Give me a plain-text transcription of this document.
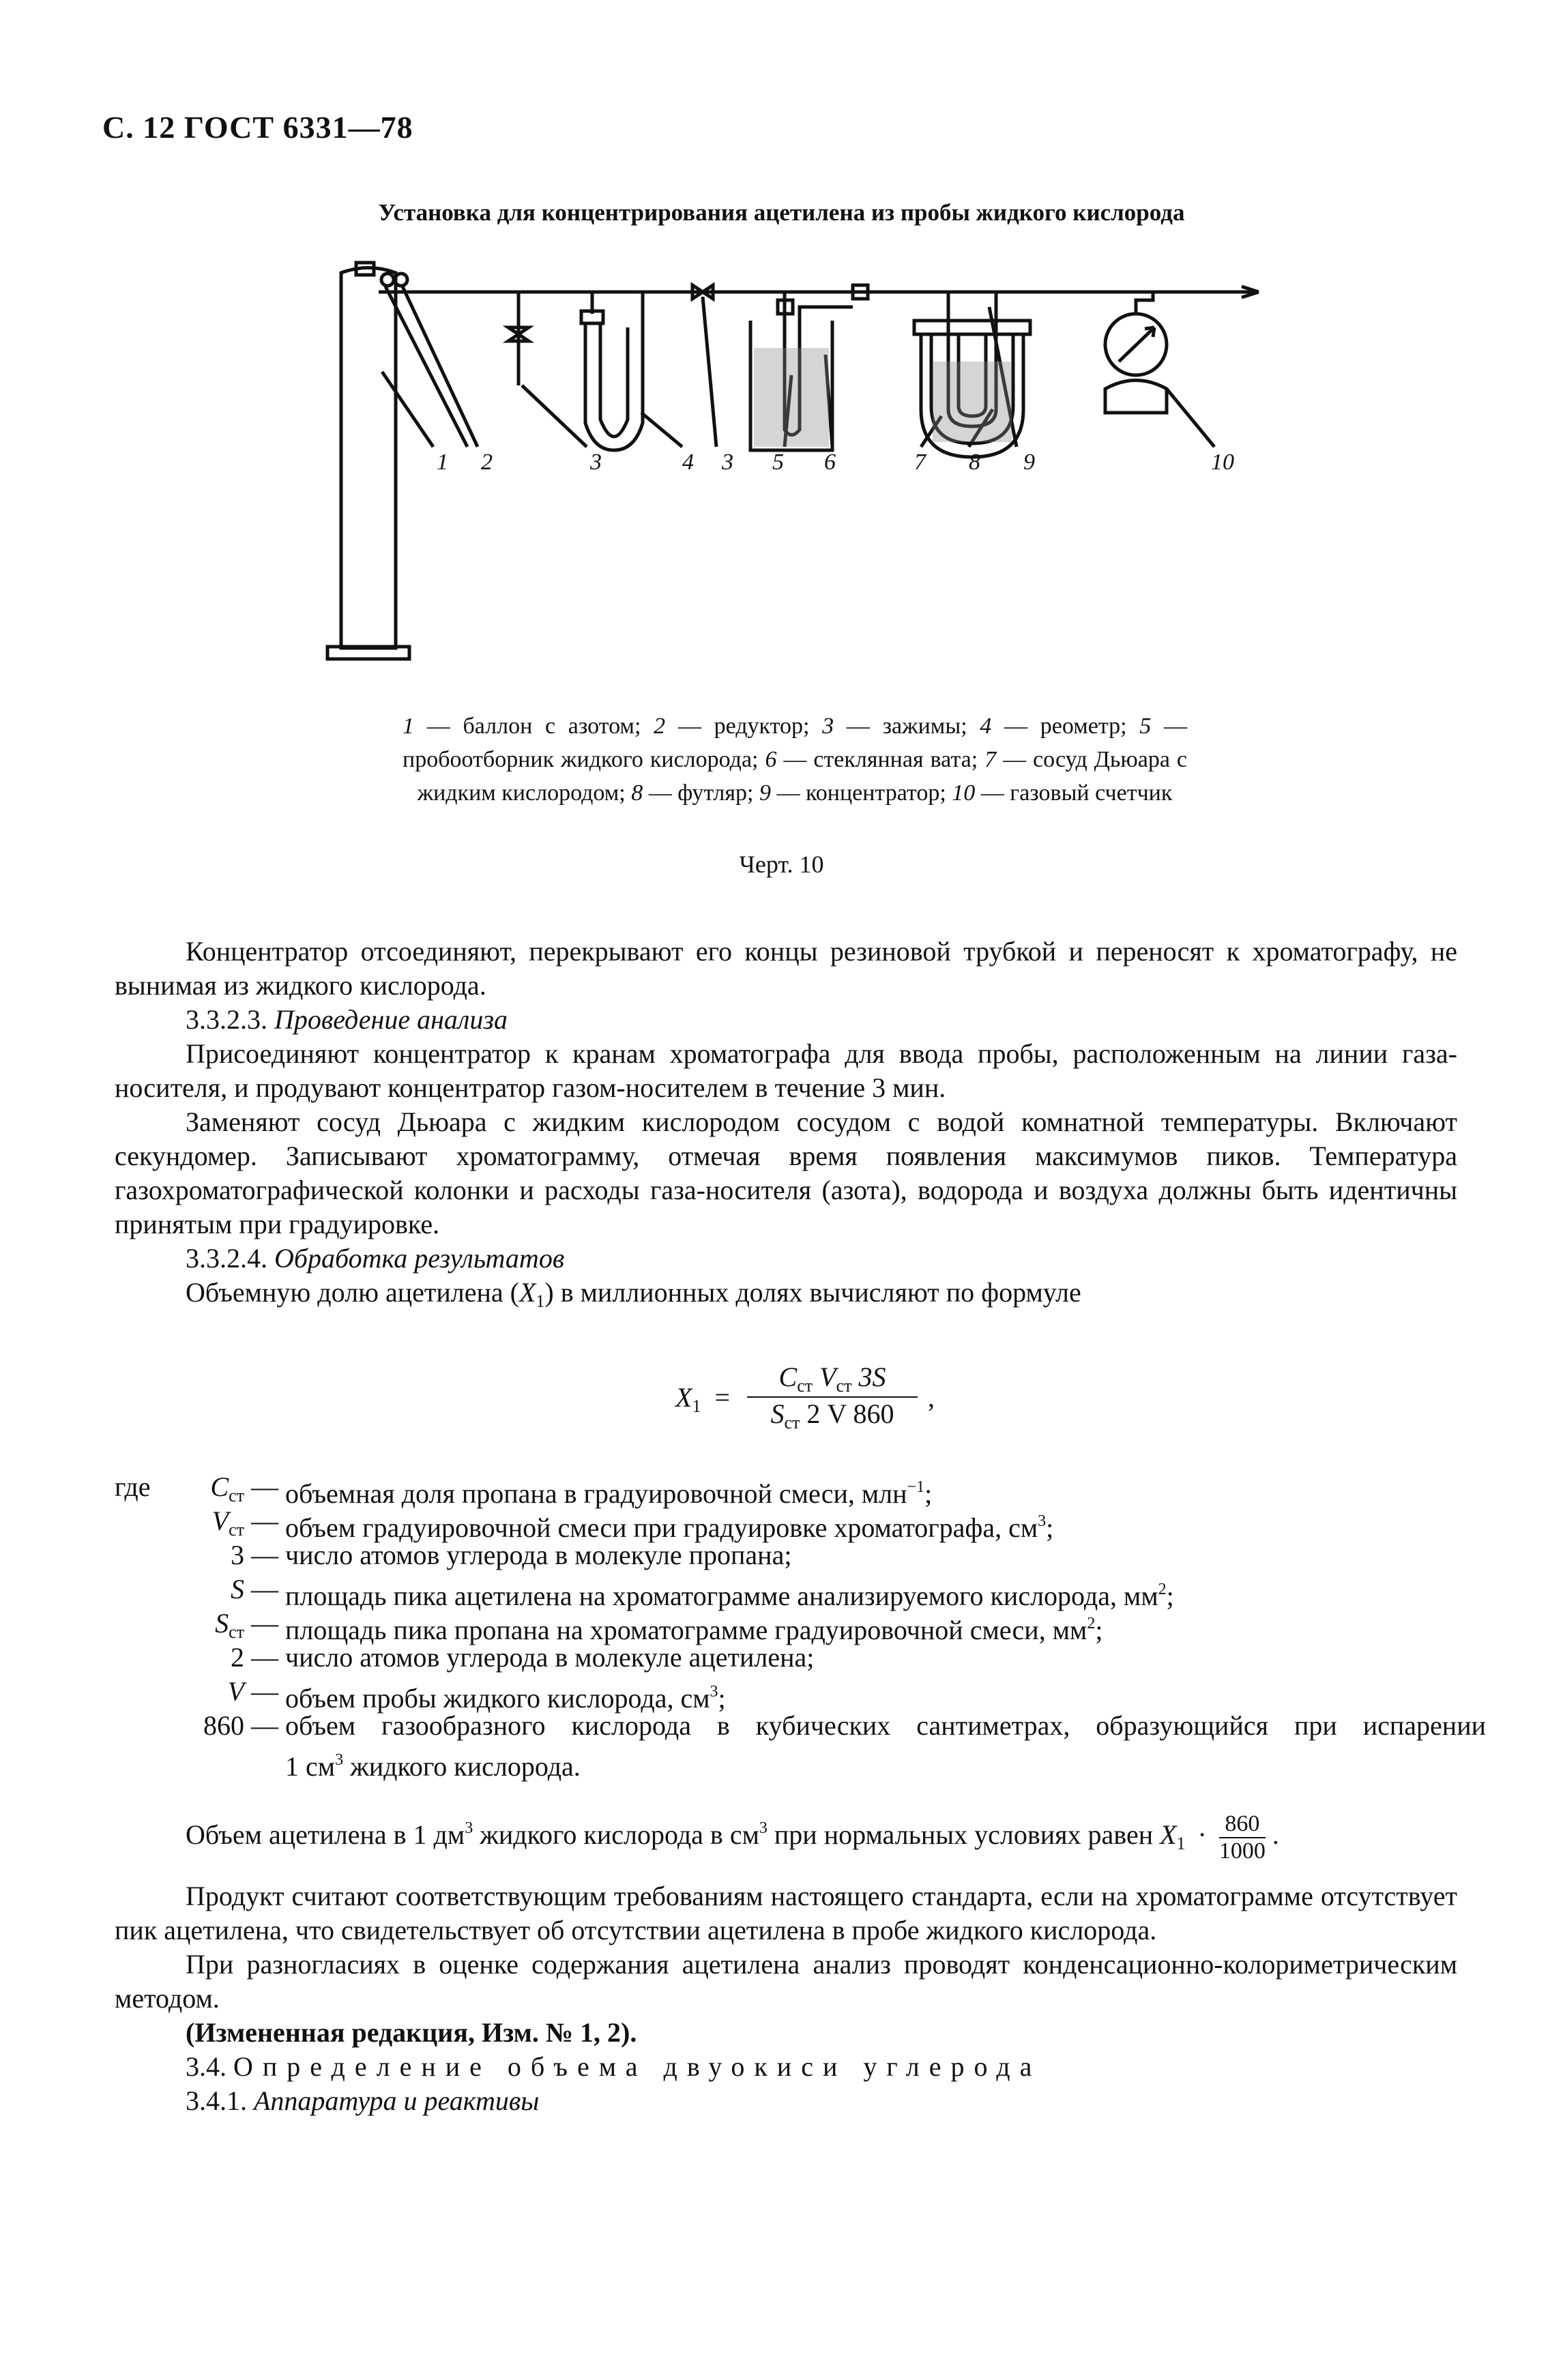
С. 12 ГОСТ 6331—78
Установка для концентрирования ацетилена из пробы жидкого кислорода
1 2	3	4 3 5 6	7 8 9	10
1 — баллон с азотом; 2 — редуктор; 3 — зажимы; 4 — реометр; 5 — пробоотборник жидкого кислорода; 6 — стеклянная вата; 7 — сосуд Дьюара с жидким кислородом; 8 — футляр; 9 — концентратор; 10 — газовый счетчик
Черт. 10
Концентратор отсоединяют, перекрывают его концы резиновой трубкой и переносят к хроматографу, не вынимая из жидкого кислорода.
3.3.2.3. Проведение анализа
Присоединяют концентратор к кранам хроматографа для ввода пробы, расположенным на линии газа-носителя, и продувают концентратор газом-носителем в течение 3 мин.
Заменяют сосуд Дьюара с жидким кислородом сосудом с водой комнатной температуры. Включают секундомер. Записывают хроматограмму, отмечая время появления максимумов пиков. Температура газохроматографической колонки и расходы газа-носителя (азота), водорода и воздуха должны быть идентичны принятым при градуировке.
3.3.2.4. Обработка результатов
Объемную долю ацетилена $(X_1)$ в миллионных долях вычисляют по формуле
$X_1$ =
$C_{ст}$ $V_{ст}$ 3S
$S_{ст}$ 2 V 860
,
где	$C_{ст}$ — объемная доля пропана в градуировочной смеси, млн$^{-1}$;
$V_{ст}$ — объем градуировочной смеси при градуировке хроматографа, $см^3$;
3 — число атомов углерода в молекуле пропана;
S — площадь пика ацетилена на хроматограмме анализируемого кислорода, $мм^2$;
$S_{ст}$ — площадь пика пропана на хроматограмме градуировочной смеси, $мм^2$;
2 — число атомов углерода в молекуле ацетилена;
V — объем пробы жидкого кислорода, $см^3$;
860 — объем газообразного кислорода в кубических сантиметрах, образующийся при испарении
1 $см^3$ жидкого кислорода.
Объем ацетилена в 1 $дм^3$ жидкого кислорода в $см^3$ при нормальных условиях равен $X_1 \cdot \frac{860}{1000}$ .
Продукт считают соответствующим требованиям настоящего стандарта, если на хроматограмме отсутствует пик ацетилена, что свидетельствует об отсутствии ацетилена в пробе жидкого кислорода.
При разногласиях в оценке содержания ацетилена анализ проводят конденсационно-колориметрическим методом.
(Измененная редакция, Изм. № 1, 2).
3.4. Определение объема двуокиси углерода
3.4.1. Аппаратура и реактивы
